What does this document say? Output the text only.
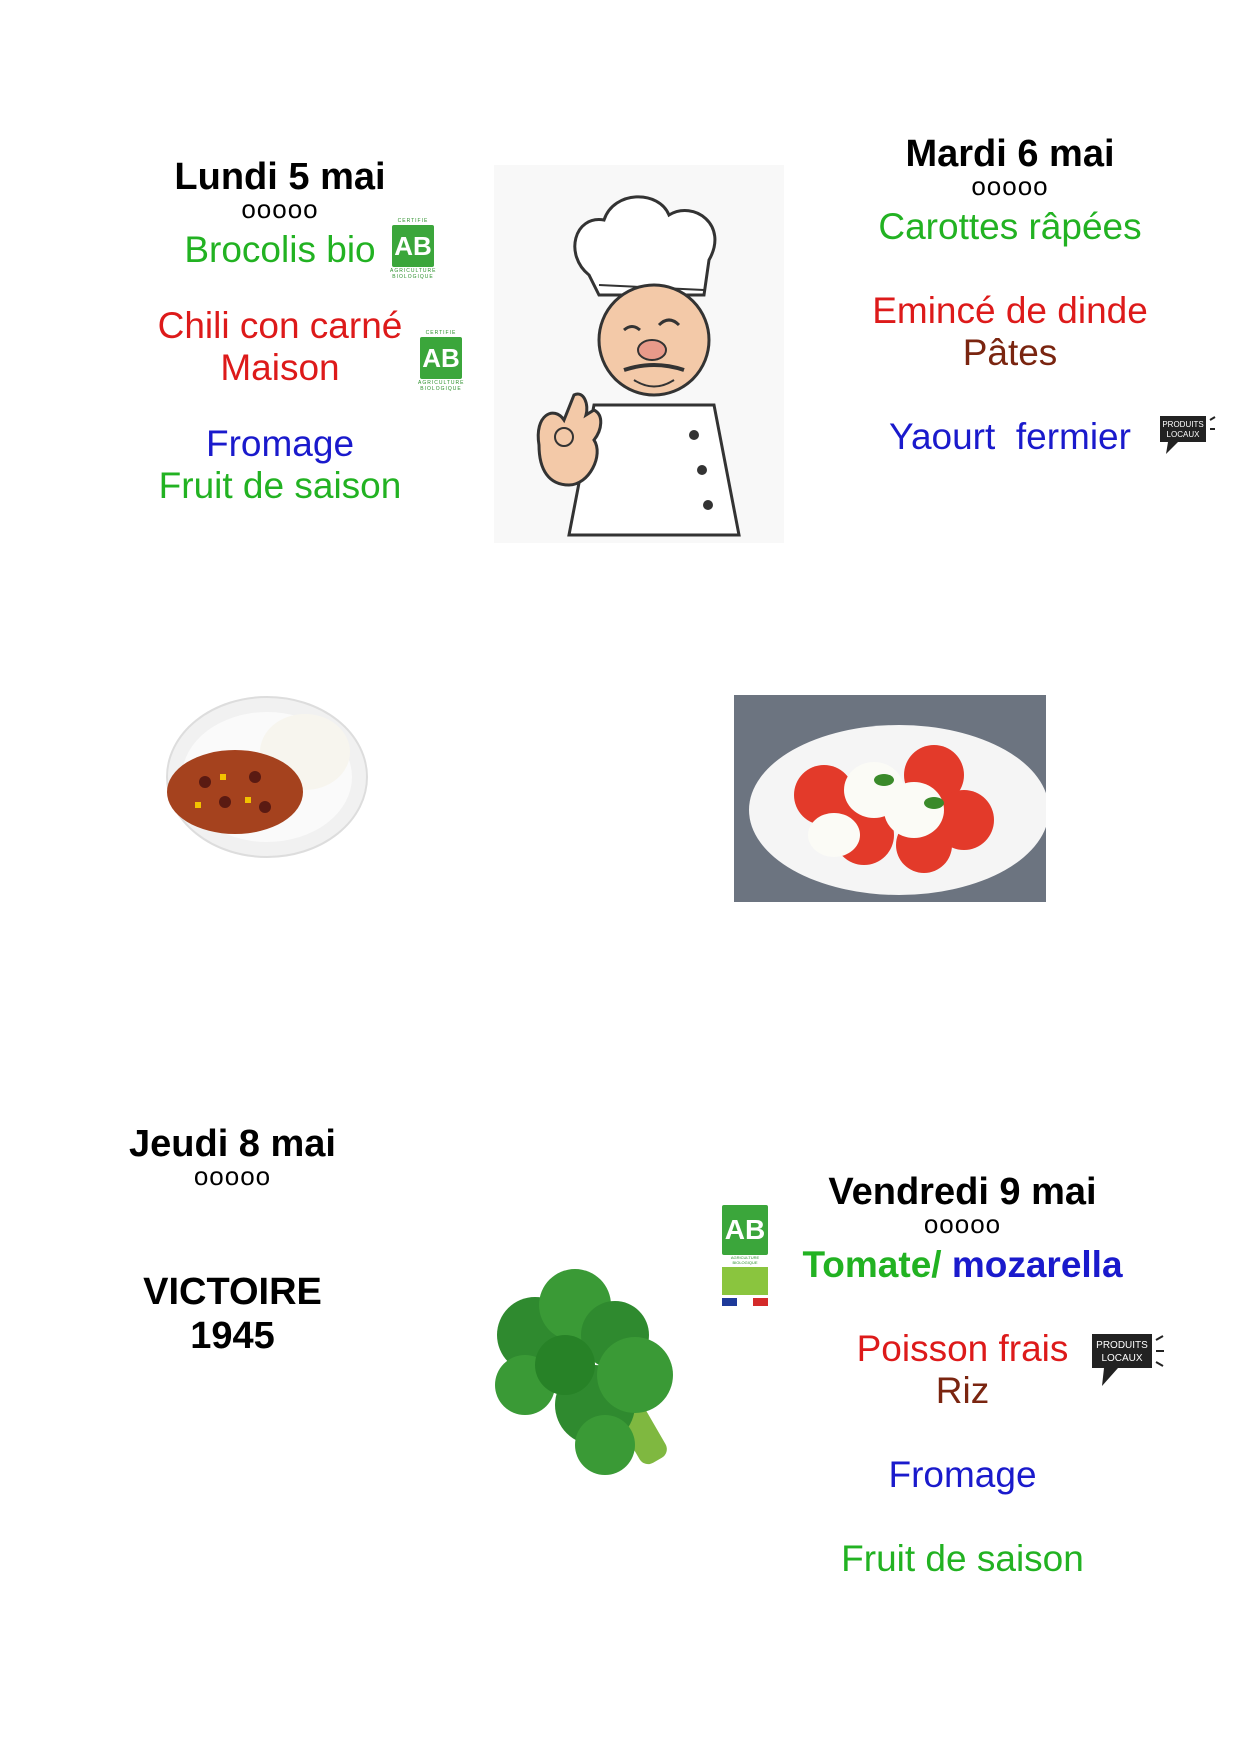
Lundi 5 mai
ooooo
Brocolis bio
Chili con carné
Maison
Fromage
Fruit de saison
CERTIFIE
AB
AGRICULTURE BIOLOGIQUE
CERTIFIE
AB
AGRICULTURE BIOLOGIQUE
Mardi 6 mai
ooooo
Carottes râpées
Emincé de dinde
Pâtes
Yaourt  fermier	PRODUITS
LOCAUX
Jeudi 8 mai
ooooo
VICTOIRE
1945
AB
AGRICULTURE BIOLOGIQUE
Vendredi 9 mai
ooooo
Tomate/ mozarella
Poisson frais
Riz
Fromage
Fruit de saison
PRODUITS
LOCAUX
